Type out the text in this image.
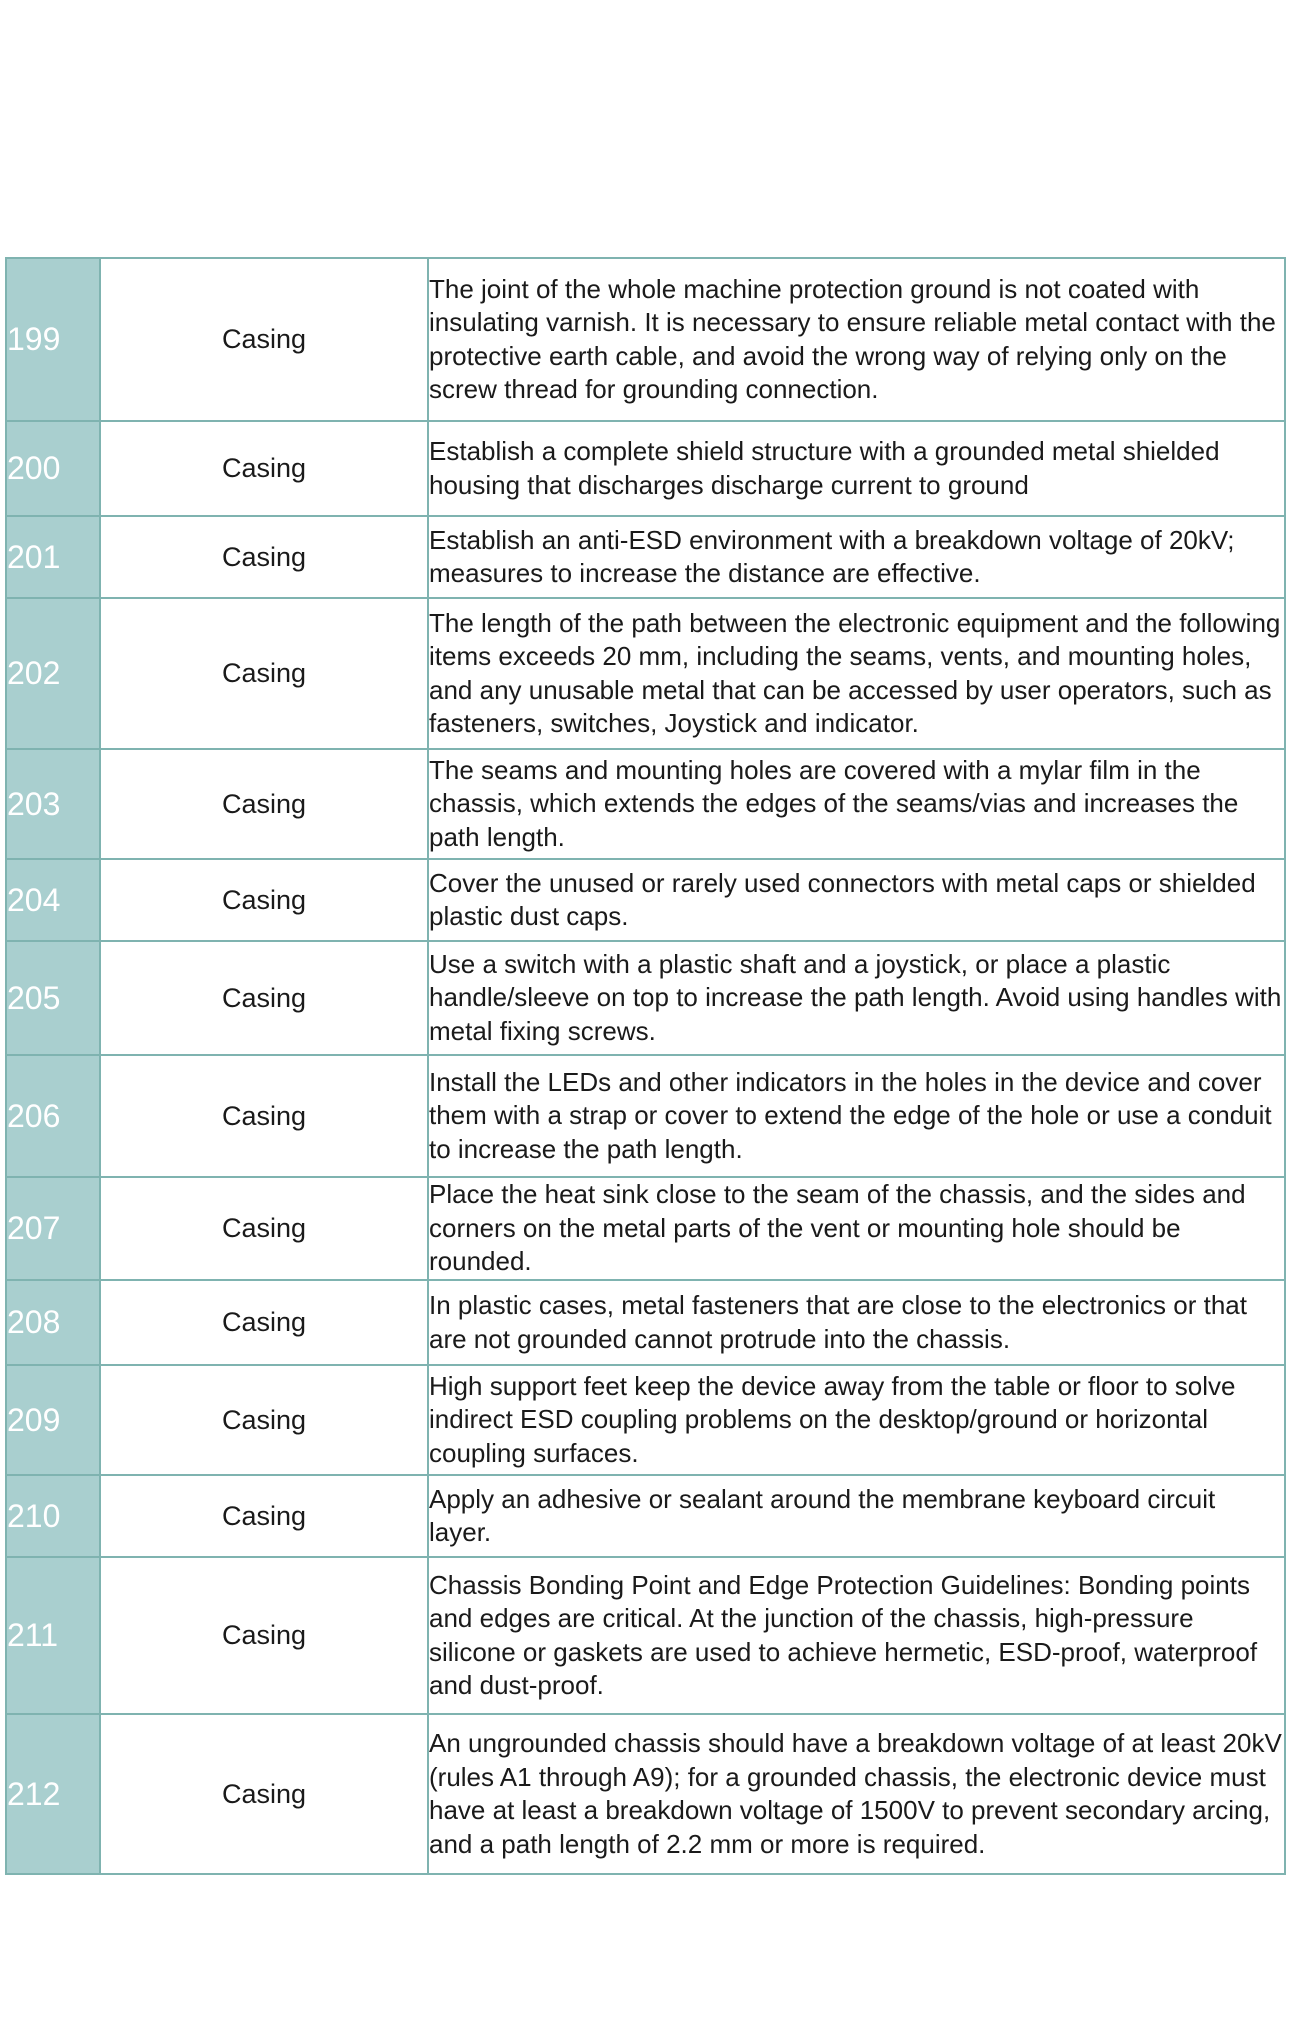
199	Casing	The joint of the whole machine protection ground is not coated with insulating varnish. It is necessary to ensure reliable metal contact with the protective earth cable, and avoid the wrong way of relying only on the screw thread for grounding connection.
200	Casing	Establish a complete shield structure with a grounded metal shielded housing that discharges discharge current to ground
201	Casing	Establish an anti-ESD environment with a breakdown voltage of 20kV; measures to increase the distance are effective.
202	Casing	The length of the path between the electronic equipment and the following items exceeds 20 mm, including the seams, vents, and mounting holes, and any unusable metal that can be accessed by user operators, such as fasteners, switches, Joystick and indicator.
203	Casing	The seams and mounting holes are covered with a mylar film in the chassis, which extends the edges of the seams/vias and increases the path length.
204	Casing	Cover the unused or rarely used connectors with metal caps or shielded plastic dust caps.
205	Casing	Use a switch with a plastic shaft and a joystick, or place a plastic handle/sleeve on top to increase the path length. Avoid using handles with metal fixing screws.
206	Casing	Install the LEDs and other indicators in the holes in the device and cover them with a strap or cover to extend the edge of the hole or use a conduit to increase the path length.
207	Casing	Place the heat sink close to the seam of the chassis, and the sides and corners on the metal parts of the vent or mounting hole should be rounded.
208	Casing	In plastic cases, metal fasteners that are close to the electronics or that are not grounded cannot protrude into the chassis.
209	Casing	High support feet keep the device away from the table or floor to solve indirect ESD coupling problems on the desktop/ground or horizontal coupling surfaces.
210	Casing	Apply an adhesive or sealant around the membrane keyboard circuit layer.
211	Casing	Chassis Bonding Point and Edge Protection Guidelines: Bonding points and edges are critical. At the junction of the chassis, high-pressure silicone or gaskets are used to achieve hermetic, ESD-proof, waterproof and dust-proof.
212	Casing	An ungrounded chassis should have a breakdown voltage of at least 20kV (rules A1 through A9); for a grounded chassis, the electronic device must have at least a breakdown voltage of 1500V to prevent secondary arcing, and a path length of 2.2 mm or more is required.
